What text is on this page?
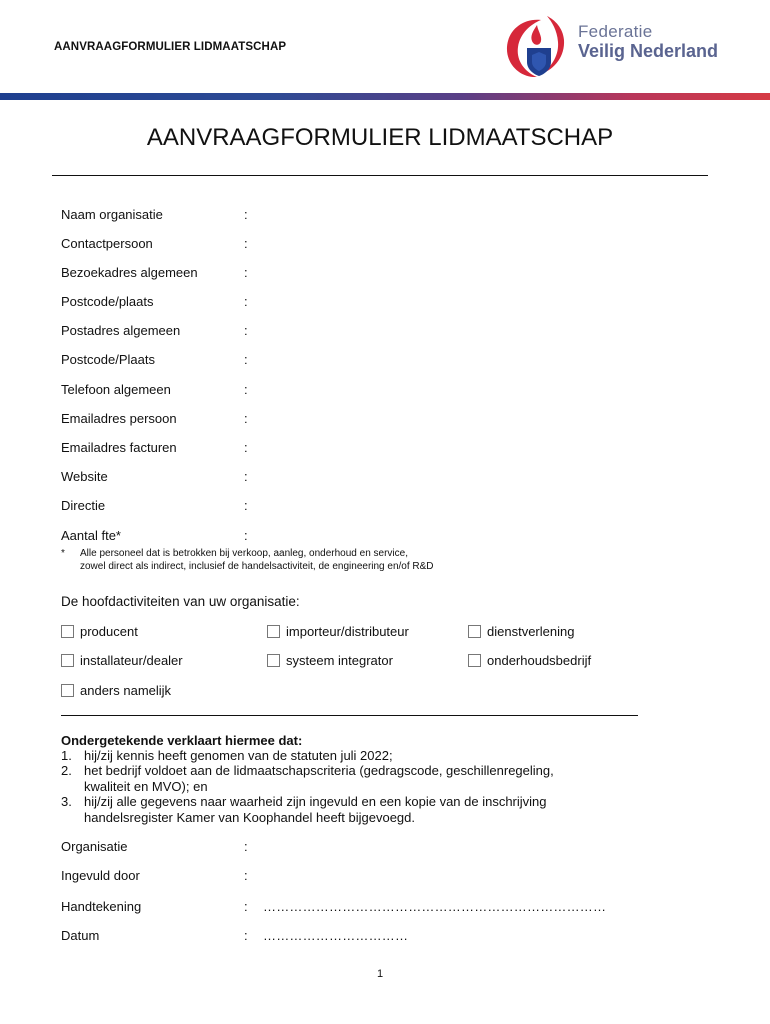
AANVRAAGFORMULIER LIDMAATSCHAP
Federatie
Veilig Nederland
AANVRAAGFORMULIER LIDMAATSCHAP
Naam organisatie	:
Contactpersoon	:
Bezoekadres algemeen	:
Postcode/plaats	:
Postadres algemeen	:
Postcode/Plaats	:
Telefoon algemeen	:
Emailadres persoon	:
Emailadres facturen	:
Website	:
Directie	:
Aantal fte*	:
* Alle personeel dat is betrokken bij verkoop, aanleg, onderhoud en service,
zowel direct als indirect, inclusief de handelsactiviteit, de engineering en/of R&D
De hoofdactiviteiten van uw organisatie:
producent	importeur/distributeur	dienstverlening
installateur/dealer	systeem integrator	onderhoudsbedrijf
anders namelijk
Ondergetekende verklaart hiermee dat:
1. hij/zij kennis heeft genomen van de statuten juli 2022;
2. het bedrijf voldoet aan de lidmaatschapscriteria (gedragscode, geschillenregeling,
kwaliteit en MVO); en
3. hij/zij alle gegevens naar waarheid zijn ingevuld en een kopie van de inschrijving
handelsregister Kamer van Koophandel heeft bijgevoegd.
Organisatie	:
Ingevuld door	:
Handtekening	: ……………………………………………………………………
Datum	: ……………………………
1
